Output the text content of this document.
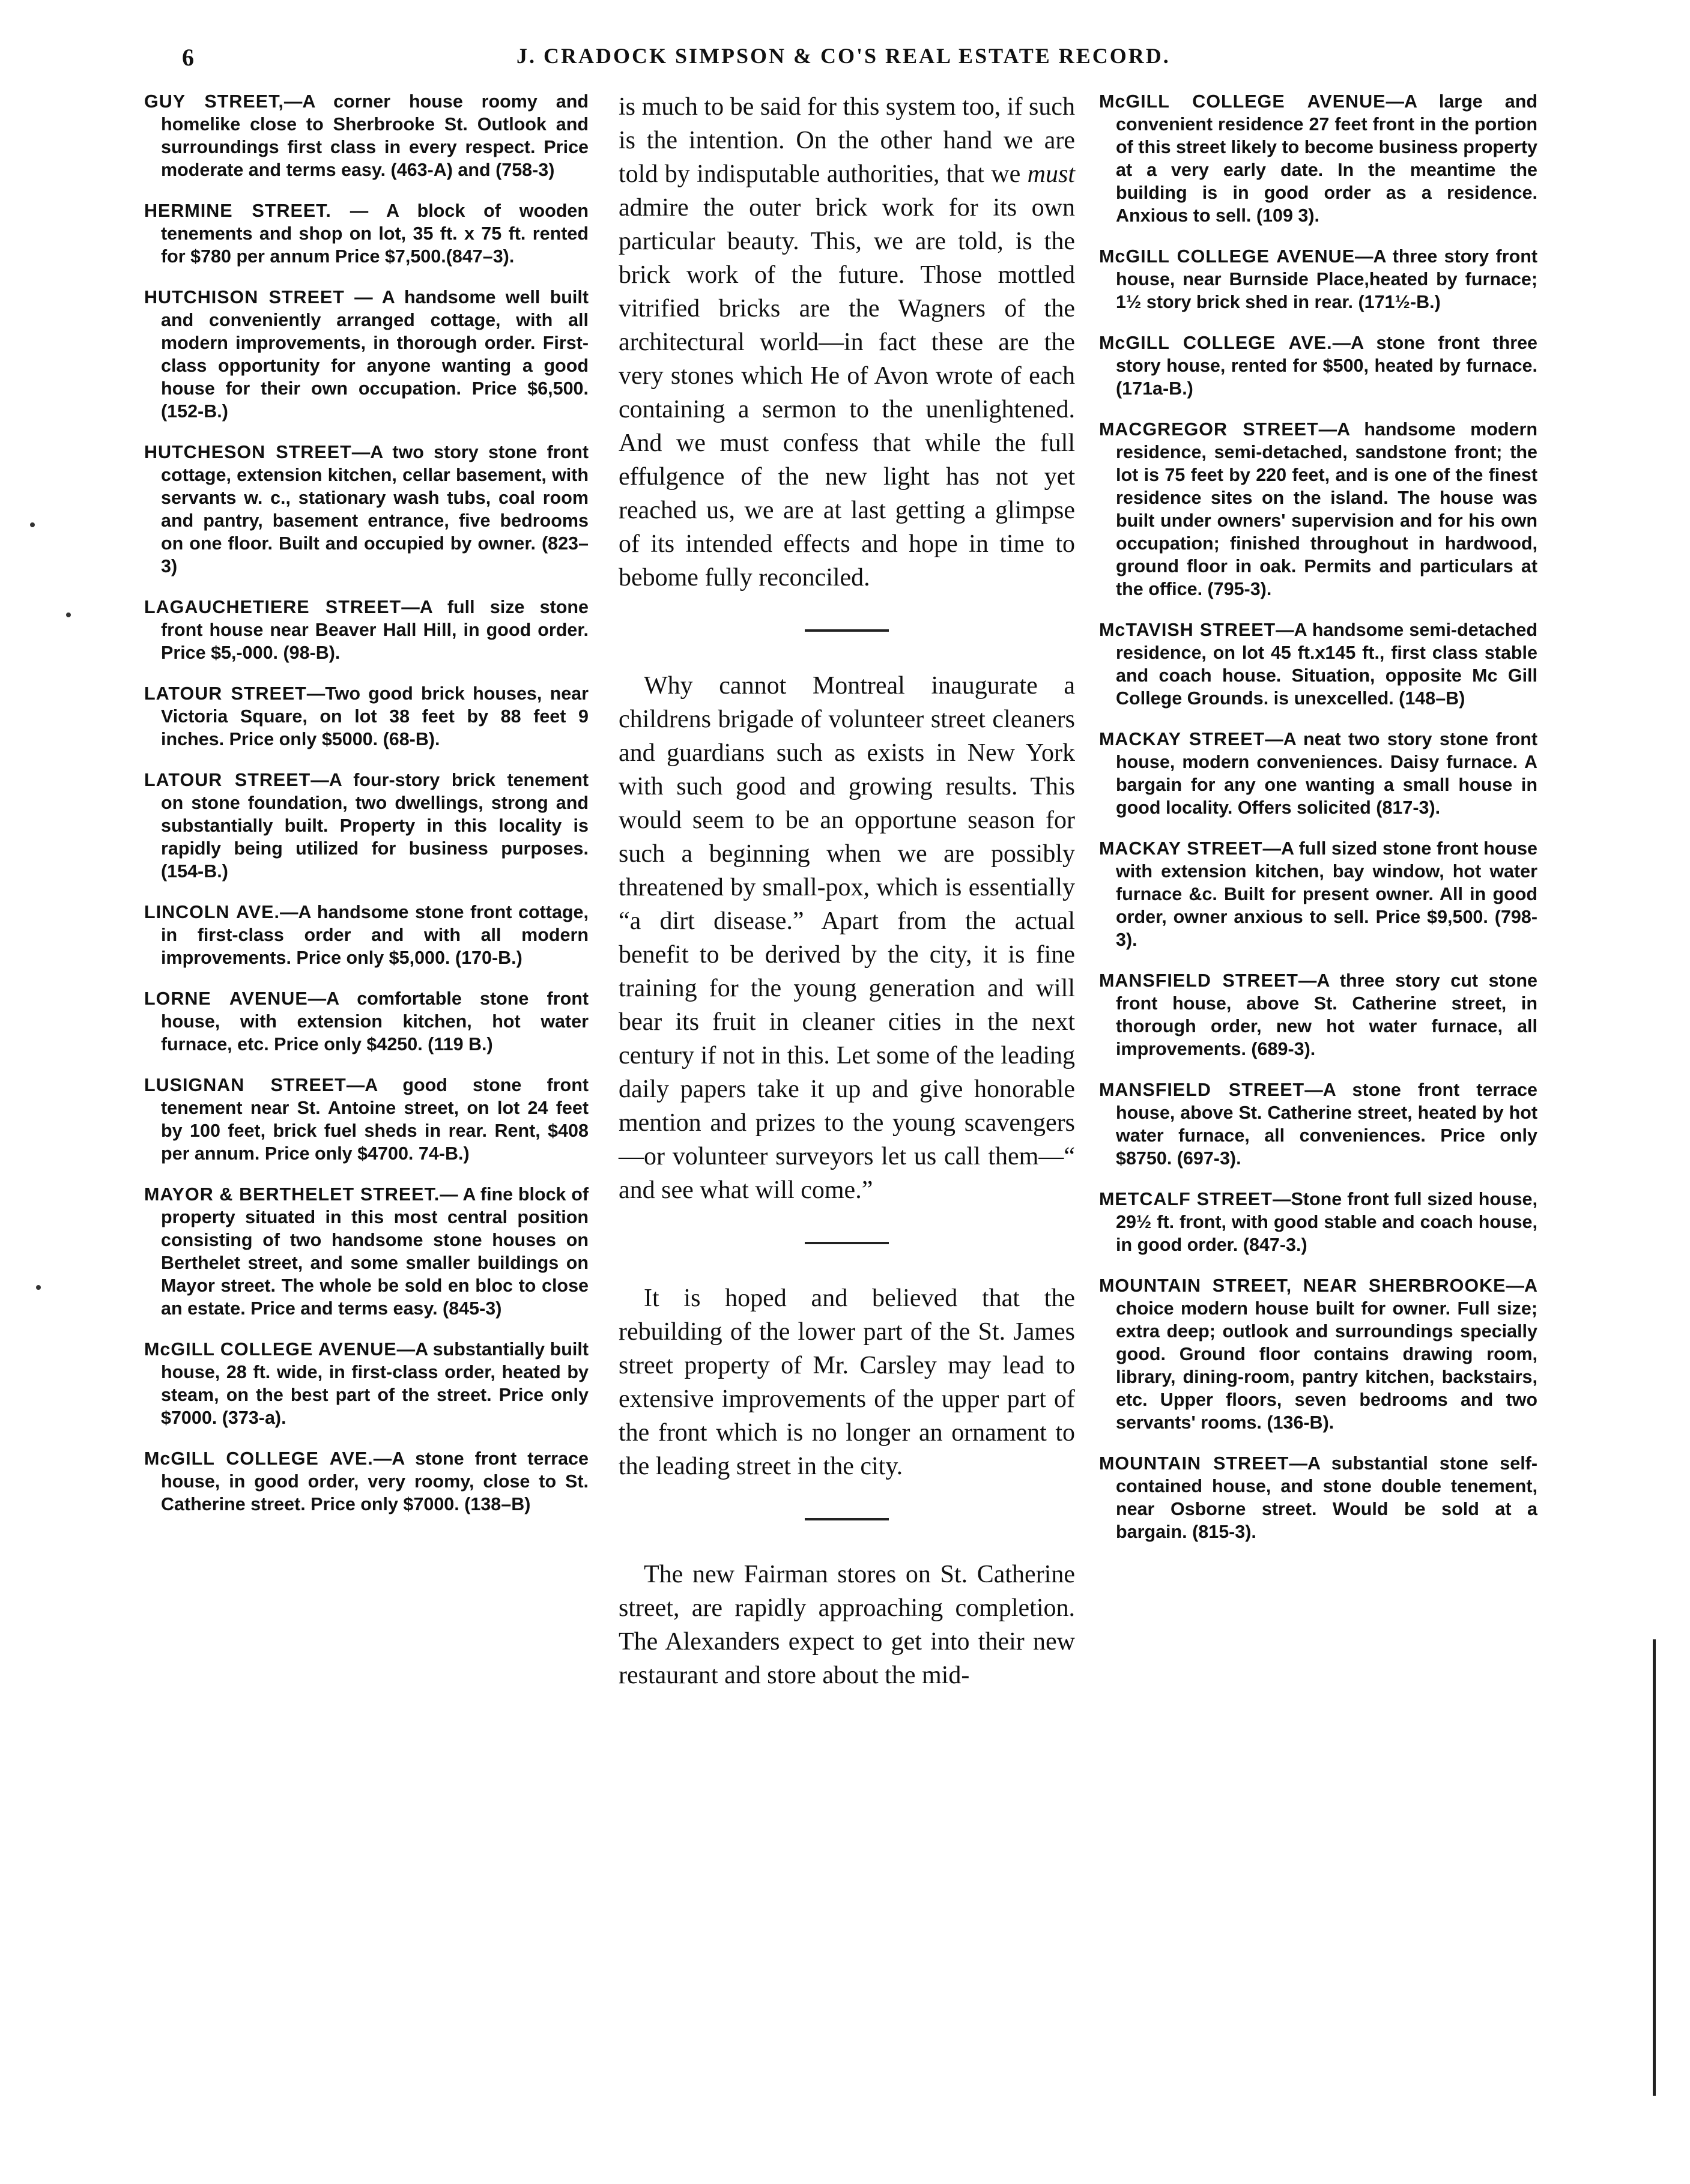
6	J. CRADOCK SIMPSON & CO'S REAL ESTATE RECORD.

GUY STREET,—A corner house roomy and homelike close to Sherbrooke St. Outlook and surroundings first class in every respect. Price moderate and terms easy. (463-A) and (758-3)

HERMINE STREET. — A block of wooden tenements and shop on lot, 35 ft. x 75 ft. rented for $780 per annum Price $7,500.(847–3).

HUTCHISON STREET — A handsome well built and conveniently arranged cottage, with all modern improvements, in thorough order. First-class opportunity for anyone wanting a good house for their own occupation. Price $6,500. (152-B.)

HUTCHESON STREET—A two story stone front cottage, extension kitchen, cellar basement, with servants w. c., stationary wash tubs, coal room and pantry, basement entrance, five bedrooms on one floor. Built and occupied by owner. (823–3)

LAGAUCHETIERE STREET—A full size stone front house near Beaver Hall Hill, in good order. Price $5,-000. (98-B).

LATOUR STREET—Two good brick houses, near Victoria Square, on lot 38 feet by 88 feet 9 inches. Price only $5000. (68-B).

LATOUR STREET—A four-story brick tenement on stone foundation, two dwellings, strong and substantially built. Property in this locality is rapidly being utilized for business purposes. (154-B.)

LINCOLN AVE.—A handsome stone front cottage, in first-class order and with all modern improvements. Price only $5,000. (170-B.)

LORNE AVENUE—A comfortable stone front house, with extension kitchen, hot water furnace, etc. Price only $4250. (119 B.)

LUSIGNAN STREET—A good stone front tenement near St. Antoine street, on lot 24 feet by 100 feet, brick fuel sheds in rear. Rent, $408 per annum. Price only $4700. 74-B.)

MAYOR & BERTHELET STREET.— A fine block of property situated in this most central position consisting of two handsome stone houses on Berthelet street, and some smaller buildings on Mayor street. The whole be sold en bloc to close an estate. Price and terms easy. (845-3)

McGILL COLLEGE AVENUE—A substantially built house, 28 ft. wide, in first-class order, heated by steam, on the best part of the street. Price only $7000. (373-a).

McGILL COLLEGE AVE.—A stone front terrace house, in good order, very roomy, close to St. Catherine street. Price only $7000. (138–B)

is much to be said for this system too, if such is the intention. On the other hand we are told by indisputable authorities, that we must admire the outer brick work for its own particular beauty. This, we are told, is the brick work of the future. Those mottled vitrified bricks are the Wagners of the architectural world—in fact these are the very stones which He of Avon wrote of each containing a sermon to the unenlightened. And we must confess that while the full effulgence of the new light has not yet reached us, we are at last getting a glimpse of its intended effects and hope in time to bebome fully reconciled.

Why cannot Montreal inaugurate a childrens brigade of volunteer street cleaners and guardians such as exists in New York with such good and growing results. This would seem to be an opportune season for such a beginning when we are possibly threatened by small-pox, which is essentially “a dirt disease.” Apart from the actual benefit to be derived by the city, it is fine training for the young generation and will bear its fruit in cleaner cities in the next century if not in this. Let some of the leading daily papers take it up and give honorable mention and prizes to the young scavengers—or volunteer surveyors let us call them—“ and see what will come.”

It is hoped and believed that the rebuilding of the lower part of the St. James street property of Mr. Carsley may lead to extensive improvements of the upper part of the front which is no longer an ornament to the leading street in the city.

The new Fairman stores on St. Catherine street, are rapidly approaching completion. The Alexanders expect to get into their new restaurant and store about the mid-

McGILL COLLEGE AVENUE—A large and convenient residence 27 feet front in the portion of this street likely to become business property at a very early date. In the meantime the building is in good order as a residence. Anxious to sell. (109 3).

McGILL COLLEGE AVENUE—A three story front house, near Burnside Place,heated by furnace; 1½ story brick shed in rear. (171½-B.)

McGILL COLLEGE AVE.—A stone front three story house, rented for $500, heated by furnace. (171a-B.)

MACGREGOR STREET—A handsome modern residence, semi-detached, sandstone front; the lot is 75 feet by 220 feet, and is one of the finest residence sites on the island. The house was built under owners' supervision and for his own occupation; finished throughout in hardwood, ground floor in oak. Permits and particulars at the office. (795-3).

McTAVISH STREET—A handsome semi-detached residence, on lot 45 ft.x145 ft., first class stable and coach house. Situation, opposite Mc Gill College Grounds. is unexcelled. (148–B)

MACKAY STREET—A neat two story stone front house, modern conveniences. Daisy furnace. A bargain for any one wanting a small house in good locality. Offers solicited (817-3).

MACKAY STREET—A full sized stone front house with extension kitchen, bay window, hot water furnace &c. Built for present owner. All in good order, owner anxious to sell. Price $9,500. (798-3).

MANSFIELD STREET—A three story cut stone front house, above St. Catherine street, in thorough order, new hot water furnace, all improvements. (689-3).

MANSFIELD STREET—A stone front terrace house, above St. Catherine street, heated by hot water furnace, all conveniences. Price only $8750. (697-3).

METCALF STREET—Stone front full sized house, 29½ ft. front, with good stable and coach house, in good order. (847-3.)

MOUNTAIN STREET, NEAR SHERBROOKE—A choice modern house built for owner. Full size; extra deep; outlook and surroundings specially good. Ground floor contains drawing room, library, dining-room, pantry kitchen, backstairs, etc. Upper floors, seven bedrooms and two servants' rooms. (136-B).

MOUNTAIN STREET—A substantial stone self-contained house, and stone double tenement, near Osborne street. Would be sold at a bargain. (815-3).
